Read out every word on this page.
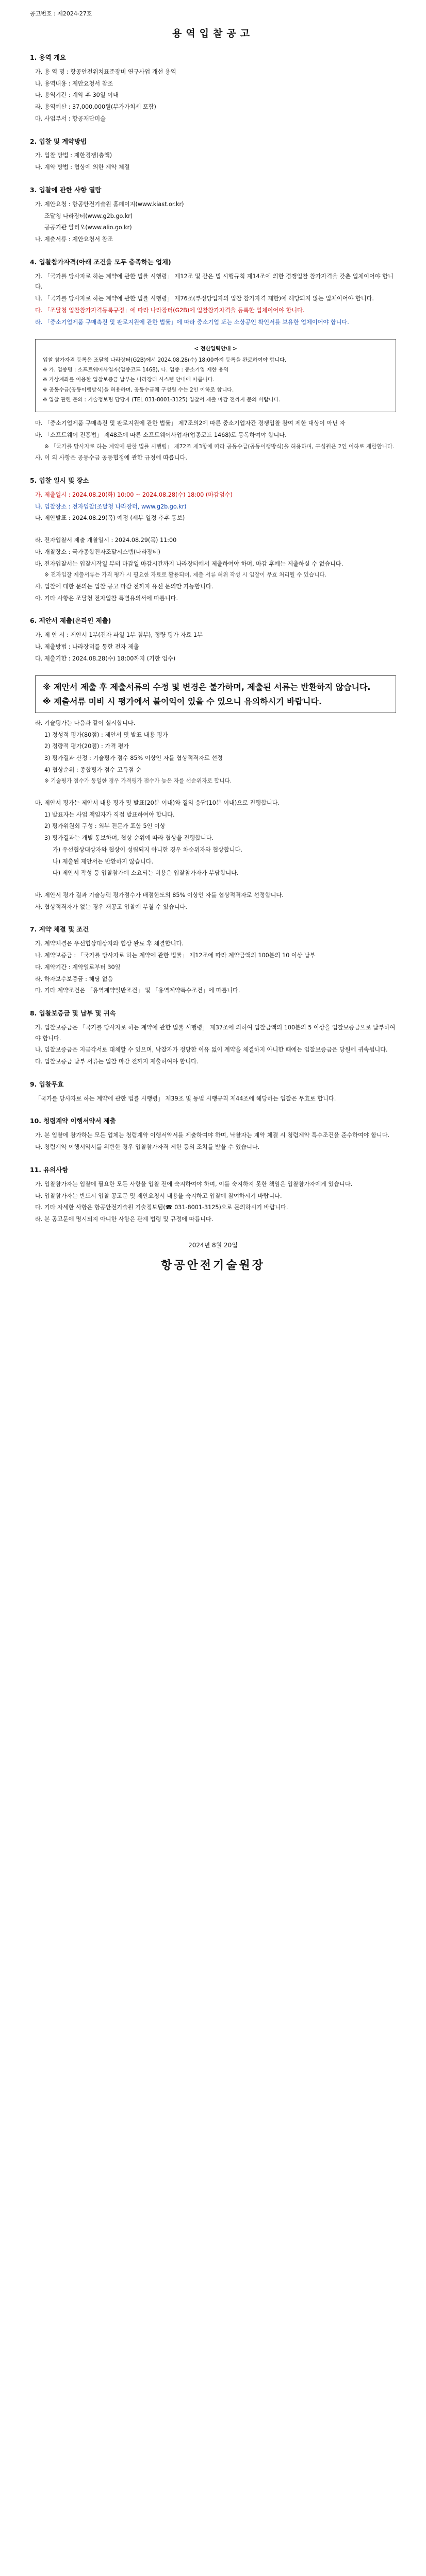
공고번호 : 제2024-27호
용역입찰공고
1. 용역 개요
가. 용 역 명 : 항공안전위치표준장비 연구사업 개선 용역
나. 용역내용 : 제안요청서 참조
다. 용역기간 : 계약 후 30일 이내
라. 용역예산 : 37,000,000원(부가가치세 포함)
마. 사업부서 : 항공재단미술
2. 입찰 및 계약방법
가. 입찰 방법 : 제한경쟁(총액)
나. 계약 방법 : 협상에 의한 계약 체결
3. 입찰에 관한 사항 열람
가. 제안요청 : 항공안전기술원 홈페이지(www.kiast.or.kr)
조달청 나라장터(www.g2b.go.kr)
공공기관 알리오(www.alio.go.kr)
나. 제출서류 : 제안요청서 참조
4. 입찰참가자격(아래 조건을 모두 충족하는 업체)
가. 「국가를 당사자로 하는 계약에 관한 법률 시행령」 제12조 및 같은 법 시행규칙 제14조에 의한 경쟁입찰 참가자격을 갖춘 업체이어야 합니다.
나. 「국가를 당사자로 하는 계약에 관한 법률 시행령」 제76조(부정당업자의 입찰 참가자격 제한)에 해당되지 않는 업체이어야 합니다.
다. 「조달청 입찰참가자격등록규정」에 따라 나라장터(G2B)에 입찰참가자격을 등록한 업체이어야 합니다.
라. 「중소기업제품 구매촉진 및 판로지원에 관한 법률」에 따라 중소기업 또는 소상공인 확인서를 보유한 업체이어야 합니다.
< 전산입력안내 >
입찰 참가자격 등록은 조달청 나라장터(G2B)에서 2024.08.28(수) 18:00까지 등록을 완료하여야 합니다.
※ 가. 업종명 : 소프트웨어사업자(업종코드 1468), 나. 업종 : 중소기업 제한 용역
※ 가상계좌를 이용한 입찰보증금 납부는 나라장터 시스템 안내에 따릅니다.
※ 공동수급(공동이행방식)을 허용하며, 공동수급체 구성원 수는 2인 이하로 합니다.
※ 입찰 관련 문의 : 기술정보팀 담당자 (TEL 031-8001-3125) 입찰서 제출 마감 전까지 문의 바랍니다.
마. 「중소기업제품 구매촉진 및 판로지원에 관한 법률」 제7조의2에 따른 중소기업자간 경쟁입찰 참여 제한 대상이 아닌 자
바. 「소프트웨어 진흥법」 제48조에 따른 소프트웨어사업자(업종코드 1468)로 등록하여야 합니다.
※ 「국가를 당사자로 하는 계약에 관한 법률 시행령」 제72조 제3항에 따라 공동수급(공동이행방식)을 허용하며, 구성원은 2인 이하로 제한합니다.
사. 이 외 사항은 공동수급 공동협정에 관한 규정에 따릅니다.
5. 입찰 일시 및 장소
가. 제출일시 : 2024.08.20(화) 10:00 ~ 2024.08.28(수) 18:00 (마감엄수)
나. 입찰장소 : 전자입찰(조달청 나라장터, www.g2b.go.kr)
다. 제안발표 : 2024.08.29(목) 예정 (세부 일정 추후 통보)
라. 전자입찰서 제출 개찰일시 : 2024.08.29(목) 11:00
마. 개찰장소 : 국가종합전자조달시스템(나라장터)
바. 전자입찰서는 입찰시작일 부터 마감일 마감시간까지 나라장터에서 제출하여야 하며, 마감 후에는 제출하실 수 없습니다.
※ 전자입찰 제출서류는 가격 평가 시 필요한 자료로 활용되며, 제출 서류 허위 작성 시 입찰이 무효 처리될 수 있습니다.
사. 입찰에 대한 문의는 입찰 공고 마감 전까지 유선 문의만 가능합니다.
아. 기타 사항은 조달청 전자입찰 특별유의서에 따릅니다.
6. 제안서 제출(온라인 제출)
가. 제 안 서 : 제안서 1부(전자 파일 1부 첨부), 정량 평가 자료 1부
나. 제출방법 : 나라장터를 통한 전자 제출
다. 제출기한 : 2024.08.28(수) 18:00까지 (기한 엄수)
※ 제안서 제출 후 제출서류의 수정 및 변경은 불가하며, 제출된 서류는 반환하지 않습니다.
※ 제출서류 미비 시 평가에서 불이익이 있을 수 있으니 유의하시기 바랍니다.
라. 기술평가는 다음과 같이 실시합니다.
1) 정성적 평가(80점) : 제안서 및 발표 내용 평가
2) 정량적 평가(20점) : 가격 평가
3) 평가결과 산정 : 기술평가 점수 85% 이상인 자를 협상적격자로 선정
4) 협상순위 : 종합평가 점수 고득점 순
※ 기술평가 점수가 동일한 경우 가격평가 점수가 높은 자를 선순위자로 합니다.
마. 제안서 평가는 제안서 내용 평가 및 발표(20분 이내)와 질의 응답(10분 이내)으로 진행합니다.
1) 발표자는 사업 책임자가 직접 발표하여야 합니다.
2) 평가위원회 구성 : 외부 전문가 포함 5인 이상
3) 평가결과는 개별 통보하며, 협상 순위에 따라 협상을 진행합니다.
가) 우선협상대상자와 협상이 성립되지 아니한 경우 차순위자와 협상합니다.
나) 제출된 제안서는 반환하지 않습니다.
다) 제안서 작성 등 입찰참가에 소요되는 비용은 입찰참가자가 부담합니다.
바. 제안서 평가 결과 기술능력 평가점수가 배점한도의 85% 이상인 자를 협상적격자로 선정합니다.
사. 협상적격자가 없는 경우 재공고 입찰에 부칠 수 있습니다.
7. 계약 체결 및 조건
가. 계약체결은 우선협상대상자와 협상 완료 후 체결합니다.
나. 계약보증금 : 「국가를 당사자로 하는 계약에 관한 법률」 제12조에 따라 계약금액의 100분의 10 이상 납부
다. 계약기간 : 계약일로부터 30일
라. 하자보수보증금 : 해당 없음
마. 기타 계약조건은 「용역계약일반조건」 및 「용역계약특수조건」에 따릅니다.
8. 입찰보증금 및 납부 및 귀속
가. 입찰보증금은 「국가를 당사자로 하는 계약에 관한 법률 시행령」 제37조에 의하여 입찰금액의 100분의 5 이상을 입찰보증금으로 납부하여야 합니다.
나. 입찰보증금은 지급각서로 대체할 수 있으며, 낙찰자가 정당한 이유 없이 계약을 체결하지 아니한 때에는 입찰보증금은 당원에 귀속됩니다.
다. 입찰보증금 납부 서류는 입찰 마감 전까지 제출하여야 합니다.
9. 입찰무효
「국가를 당사자로 하는 계약에 관한 법률 시행령」 제39조 및 동법 시행규칙 제44조에 해당하는 입찰은 무효로 합니다.
10. 청렴계약 이행서약서 제출
가. 본 입찰에 참가하는 모든 업체는 청렴계약 이행서약서를 제출하여야 하며, 낙찰자는 계약 체결 시 청렴계약 특수조건을 준수하여야 합니다.
나. 청렴계약 이행서약서를 위반한 경우 입찰참가자격 제한 등의 조치를 받을 수 있습니다.
11. 유의사항
가. 입찰참가자는 입찰에 필요한 모든 사항을 입찰 전에 숙지하여야 하며, 이를 숙지하지 못한 책임은 입찰참가자에게 있습니다.
나. 입찰참가자는 반드시 입찰 공고문 및 제안요청서 내용을 숙지하고 입찰에 참여하시기 바랍니다.
다. 기타 자세한 사항은 항공안전기술원 기술정보팀(☎ 031-8001-3125)으로 문의하시기 바랍니다.
라. 본 공고문에 명시되지 아니한 사항은 관계 법령 및 규정에 따릅니다.
2024년 8월 20일
항공안전기술원장
